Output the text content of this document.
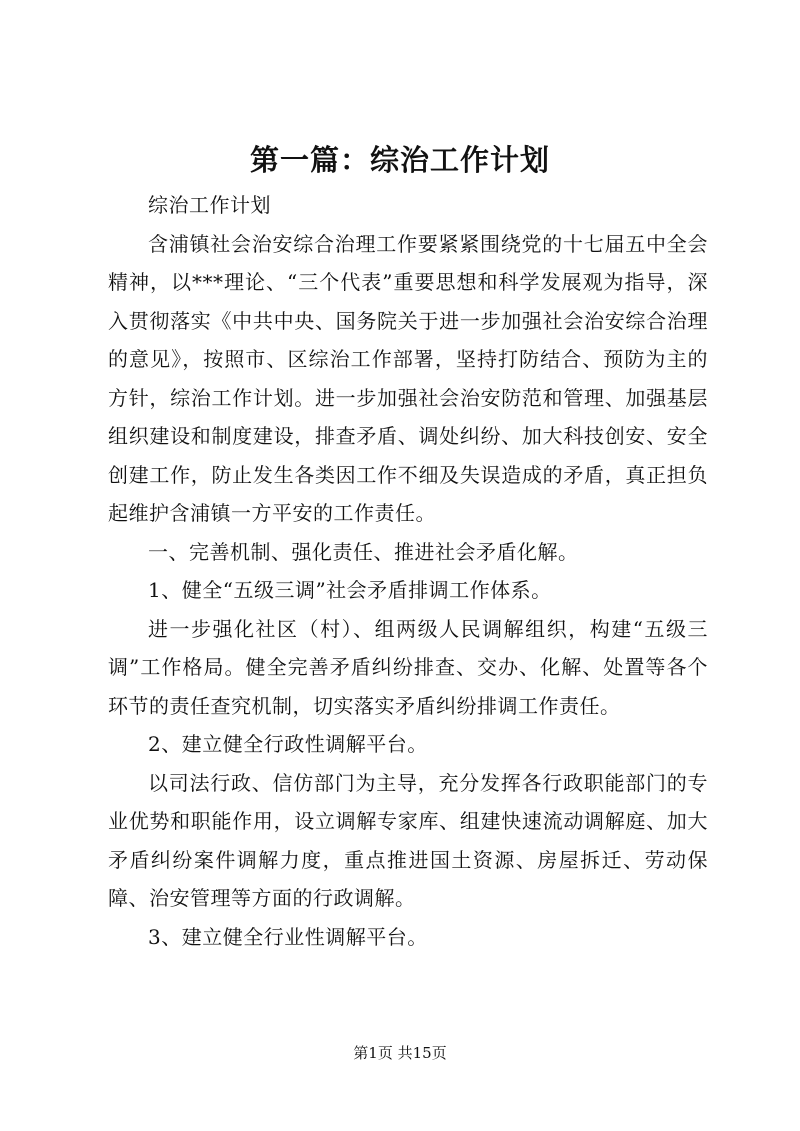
第一篇：综治工作计划

综治工作计划

含浦镇社会治安综合治理工作要紧紧围绕党的十七届五中全会精神，以***理论、“三个代表”重要思想和科学发展观为指导，深入贯彻落实《中共中央、国务院关于进一步加强社会治安综合治理的意见》，按照市、区综治工作部署，坚持打防结合、预防为主的方针，综治工作计划。进一步加强社会治安防范和管理、加强基层组织建设和制度建设，排查矛盾、调处纠纷、加大科技创安、安全创建工作，防止发生各类因工作不细及失误造成的矛盾，真正担负起维护含浦镇一方平安的工作责任。

一、完善机制、强化责任、推进社会矛盾化解。

1、健全“五级三调”社会矛盾排调工作体系。

进一步强化社区（村）、组两级人民调解组织，构建“五级三调”工作格局。健全完善矛盾纠纷排查、交办、化解、处置等各个环节的责任查究机制，切实落实矛盾纠纷排调工作责任。

2、建立健全行政性调解平台。

以司法行政、信仿部门为主导，充分发挥各行政职能部门的专业优势和职能作用，设立调解专家库、组建快速流动调解庭、加大矛盾纠纷案件调解力度，重点推进国土资源、房屋拆迁、劳动保障、治安管理等方面的行政调解。

3、建立健全行业性调解平台。

第1页 共15页
